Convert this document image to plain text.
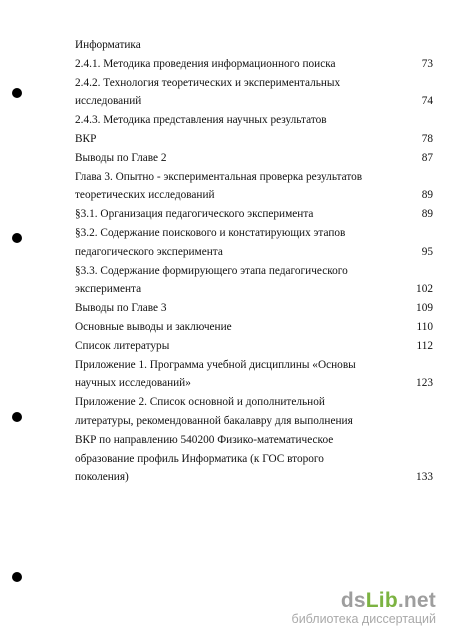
Информатика
2.4.1. Методика проведения информационного поиска	73
2.4.2. Технология теоретических и экспериментальных
исследований	74
2.4.3. Методика представления научных результатов
ВКР	78
Выводы по Главе 2	87
Глава 3. Опытно - экспериментальная проверка результатов
теоретических исследований	89
§3.1. Организация педагогического эксперимента	89
§3.2. Содержание поискового и констатирующих этапов
педагогического эксперимента	95
§3.3. Содержание формирующего этапа педагогического
эксперимента	102
Выводы по Главе 3	109
Основные выводы и заключение	110
Список литературы	112
Приложение 1. Программа учебной дисциплины «Основы
научных исследований»	123
Приложение 2. Список основной и дополнительной
литературы, рекомендованной бакалавру для выполнения
ВКР по направлению 540200 Физико-математическое
образование профиль Информатика (к ГОС второго
поколения)	133
dsLib.net
библиотека диссертаций
